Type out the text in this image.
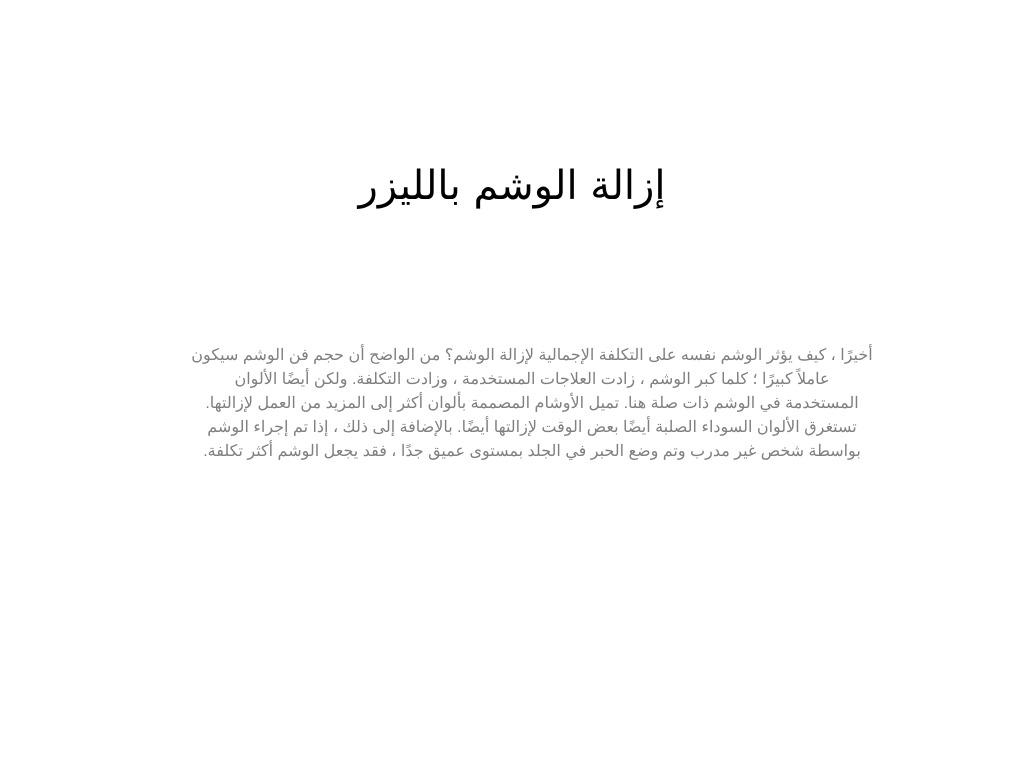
إزالة الوشم بالليزر
أخيرًا ، كيف يؤثر الوشم نفسه على التكلفة الإجمالية لإزالة الوشم؟ من الواضح أن حجم فن الوشم سيكون
عاملاً كبيرًا ؛ كلما كبر الوشم ، زادت العلاجات المستخدمة ، وزادت التكلفة. ولكن أيضًا الألوان
المستخدمة في الوشم ذات صلة هنا. تميل الأوشام المصممة بألوان أكثر إلى المزيد من العمل لإزالتها.
تستغرق الألوان السوداء الصلبة أيضًا بعض الوقت لإزالتها أيضًا. بالإضافة إلى ذلك ، إذا تم إجراء الوشم
بواسطة شخص غير مدرب وتم وضع الحبر في الجلد بمستوى عميق جدًا ، فقد يجعل الوشم أكثر تكلفة.
